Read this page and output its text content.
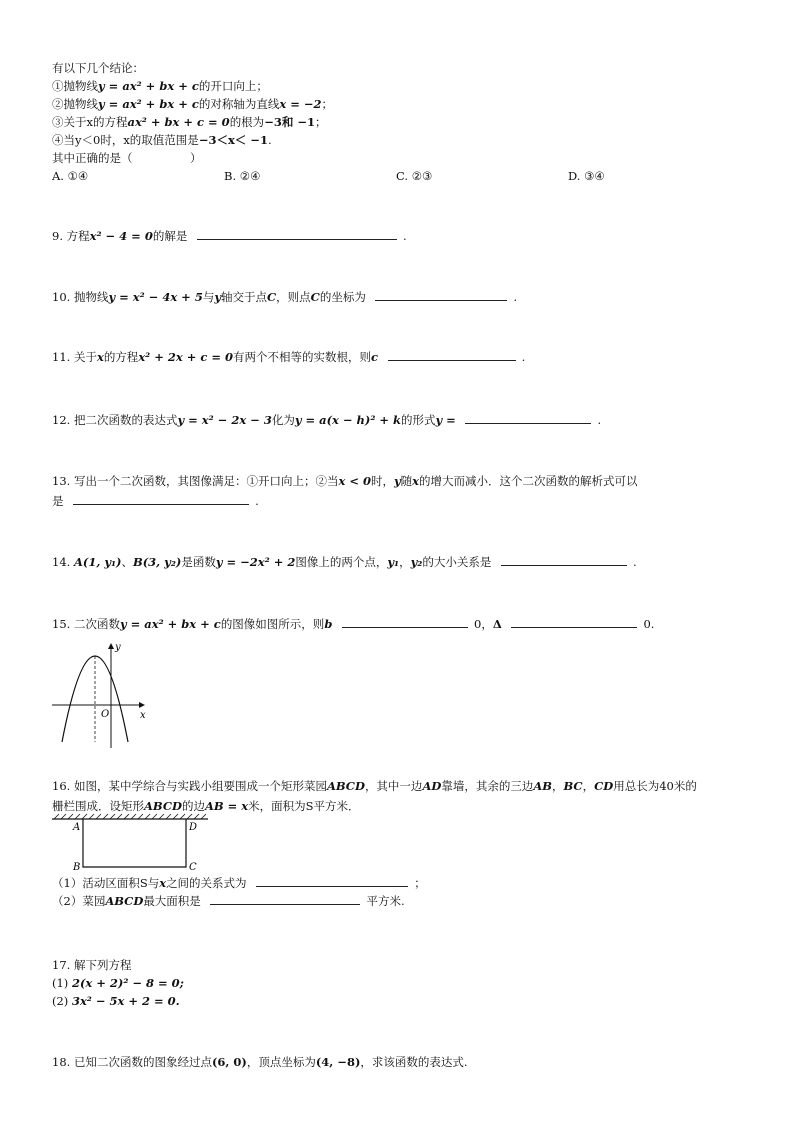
有以下几个结论：
①抛物线y = ax² + bx + c的开口向上；
②抛物线y = ax² + bx + c的对称轴为直线x = −2；
③关于x的方程ax² + bx + c = 0的根为−3和 −1；
④当y＜0时，x的取值范围是−3＜x＜ −1.
其中正确的是（　　　　　）
A. ①④	B. ②④	C. ②③	D. ③④
9. 方程x² − 4 = 0的解是	.
10. 抛物线y = x² − 4x + 5与y轴交于点C，则点C的坐标为	.
11. 关于x的方程x² + 2x + c = 0有两个不相等的实数根，则c	.
12. 把二次函数的表达式y = x² − 2x − 3化为y = a(x − h)² + k的形式y =	.
13. 写出一个二次函数，其图像满足：①开口向上；②当x < 0时，y随x的增大而减小．这个二次函数的解析式可以
是	.
14. A(1, y₁)、B(3, y₂)是函数y = −2x² + 2图像上的两个点，y₁，y₂的大小关系是	.
15. 二次函数y = ax² + bx + c的图像如图所示，则b	0，Δ	0.
y
x
O
16. 如图，某中学综合与实践小组要围成一个矩形菜园ABCD，其中一边AD靠墙，其余的三边AB，BC，CD用总长为40米的
栅栏围成．设矩形ABCD的边AB = x米，面积为S平方米．
A	D
B	C
（1）活动区面积S与x之间的关系式为	；
（2）菜园ABCD最大面积是	平方米.
17. 解下列方程
(1) 2(x + 2)² − 8 = 0;
(2) 3x² − 5x + 2 = 0.
18. 已知二次函数的图象经过点(6, 0)，顶点坐标为(4, −8)，求该函数的表达式.
